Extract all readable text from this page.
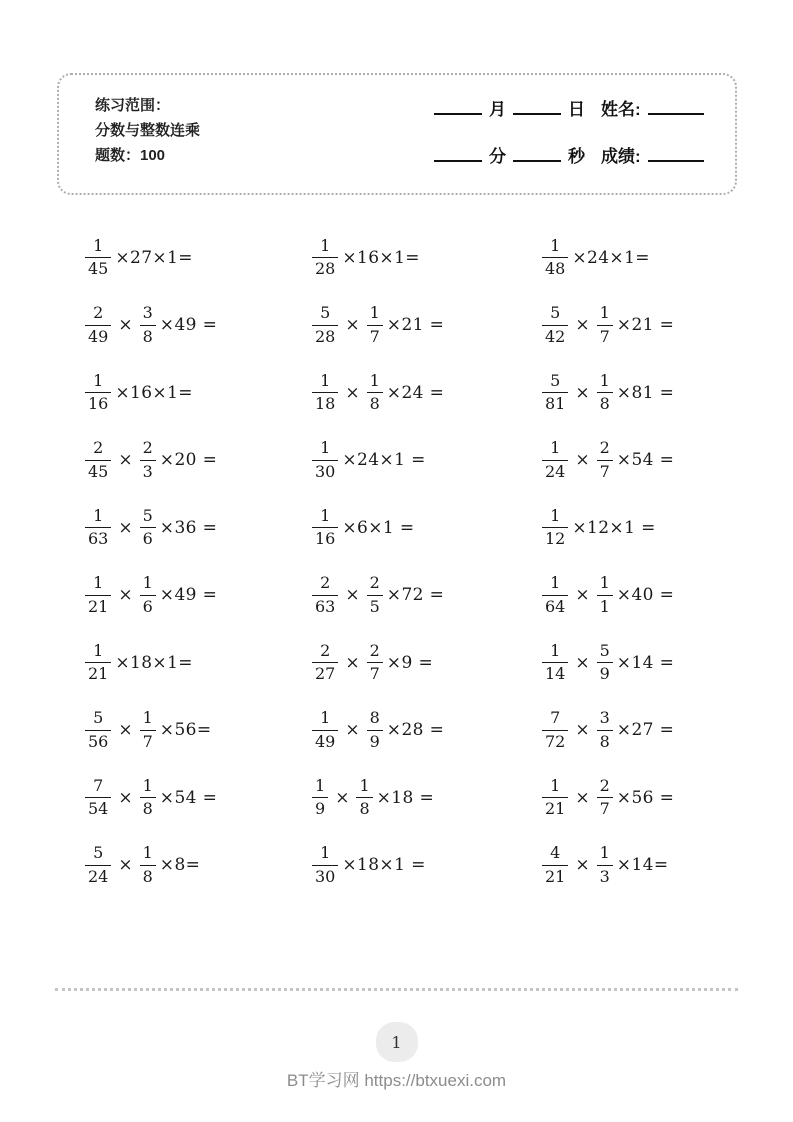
练习范围：
分数与整数连乘
题数：100
月	日 姓名:
分	秒 成绩:
$\frac{1}{45} \times 27\times 1=$	$\frac{1}{28} \times 16\times 1=$	$\frac{1}{48} \times 24\times 1=$
$\frac{2}{49} \times \frac{3}{8} \times 49$ =	$\frac{5}{28} \times \frac{1}{7} \times 21$ =	$\frac{5}{42} \times \frac{1}{7} \times 21$ =
$\frac{1}{16} \times 16\times 1=$	$\frac{1}{18} \times \frac{1}{8} \times 24$ =	$\frac{5}{81} \times \frac{1}{8} \times 81$ =
$\frac{2}{45} \times \frac{2}{3} \times 20$ =	$\frac{1}{30} \times 24\times 1$ =	$\frac{1}{24} \times \frac{2}{7} \times 54$ =
$\frac{1}{63} \times \frac{5}{6} \times 36$ =	$\frac{1}{16} \times 6\times 1$ =	$\frac{1}{12} \times 12\times 1$ =
$\frac{1}{21} \times \frac{1}{6} \times 49$ =	$\frac{2}{63} \times \frac{2}{5} \times 72$ =	$\frac{1}{64} \times \frac{1}{1} \times 40$ =
$\frac{1}{21} \times 18\times 1=$	$\frac{2}{27} \times \frac{2}{7} \times 9$ =	$\frac{1}{14} \times \frac{5}{9} \times 14$ =
$\frac{5}{56} \times \frac{1}{7} \times 56=$	$\frac{1}{49} \times \frac{8}{9} \times 28$ =	$\frac{7}{72} \times \frac{3}{8} \times 27$ =
$\frac{7}{54} \times \frac{1}{8} \times 54$ =	$\frac{1}{9} \times \frac{1}{8} \times 18$ =	$\frac{1}{21} \times \frac{2}{7} \times 56$ =
$\frac{5}{24} \times \frac{1}{8} \times 8=$	$\frac{1}{30} \times 18\times 1$ =	$\frac{4}{21} \times \frac{1}{3} \times 14=$
1
BT学习网 https://btxuexi.com
